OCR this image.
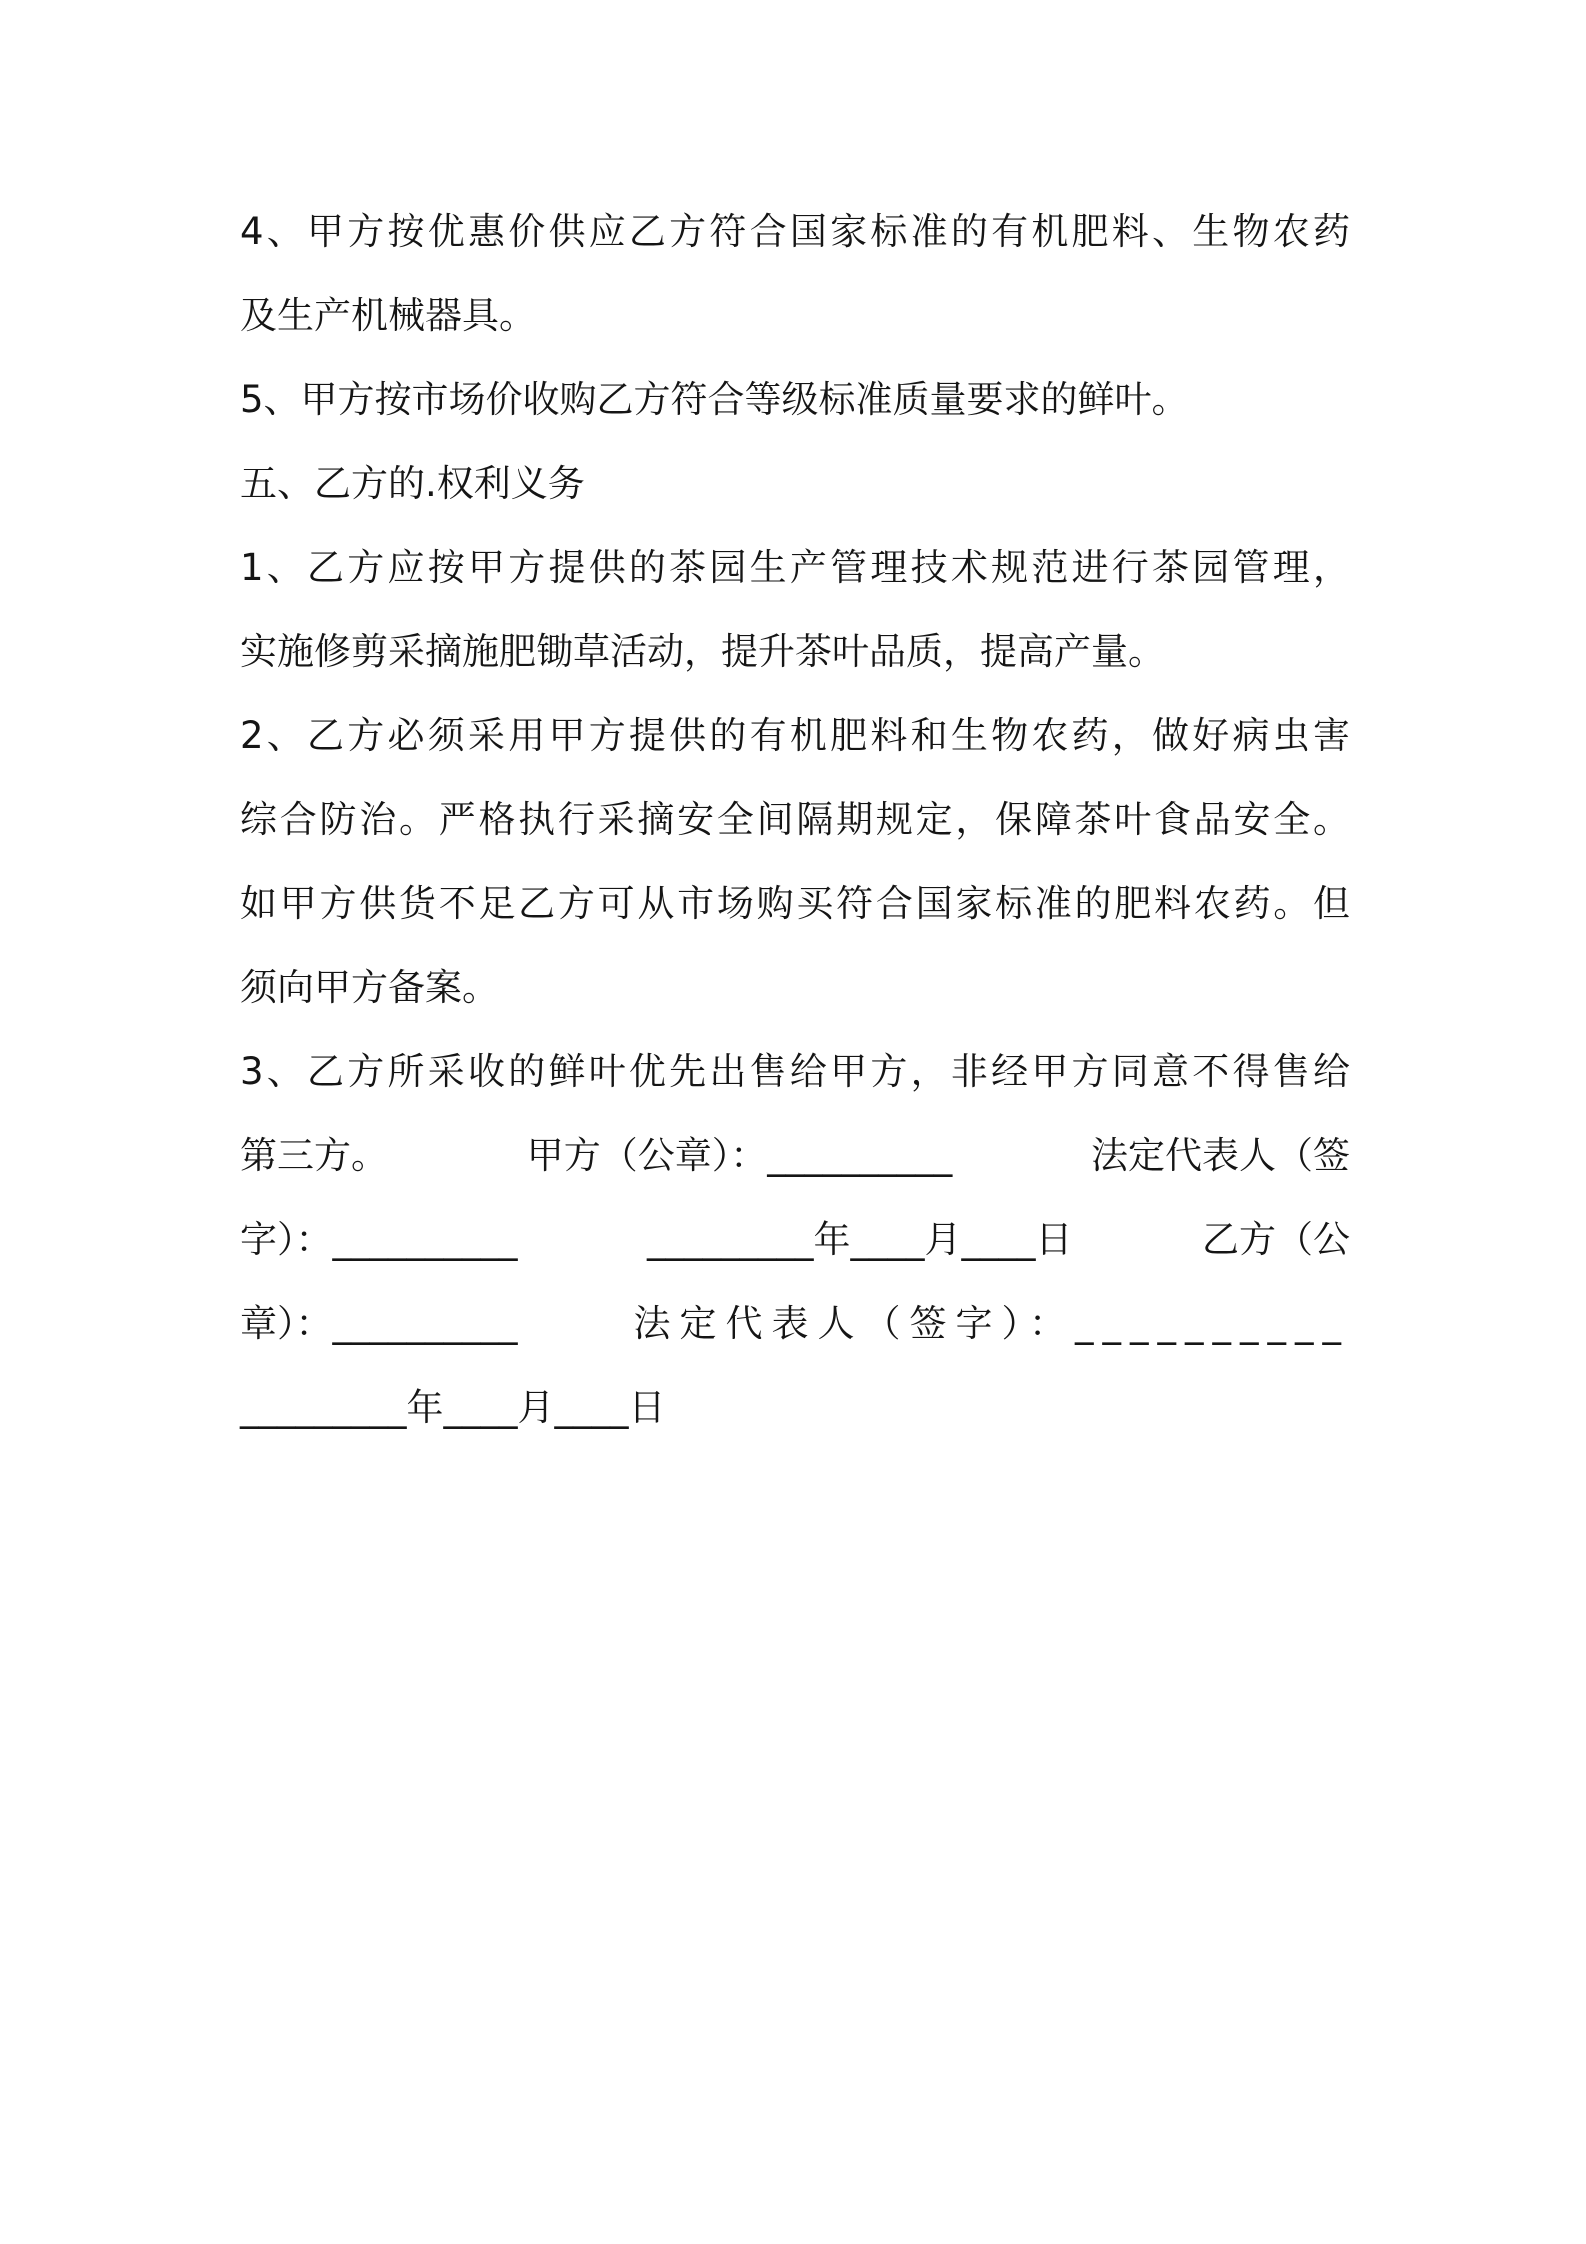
4、甲方按优惠价供应乙方符合国家标准的有机肥料、生物农药
及生产机械器具。
5、甲方按市场价收购乙方符合等级标准质量要求的鲜叶。
五、乙方的.权利义务
1、乙方应按甲方提供的茶园生产管理技术规范进行茶园管理，
实施修剪采摘施肥锄草活动，提升茶叶品质，提高产量。
2、乙方必须采用甲方提供的有机肥料和生物农药，做好病虫害
综合防治。严格执行采摘安全间隔期规定，保障茶叶食品安全。
如甲方供货不足乙方可从市场购买符合国家标准的肥料农药。但
须向甲方备案。
3、乙方所采收的鲜叶优先出售给甲方，非经甲方同意不得售给
第三方。	甲方（公章）：__________	法定代表人（签
字）：__________	_________年____月____日	乙方（公
章）：__________	法定代表人（签字）：__________
_________年____月____日
